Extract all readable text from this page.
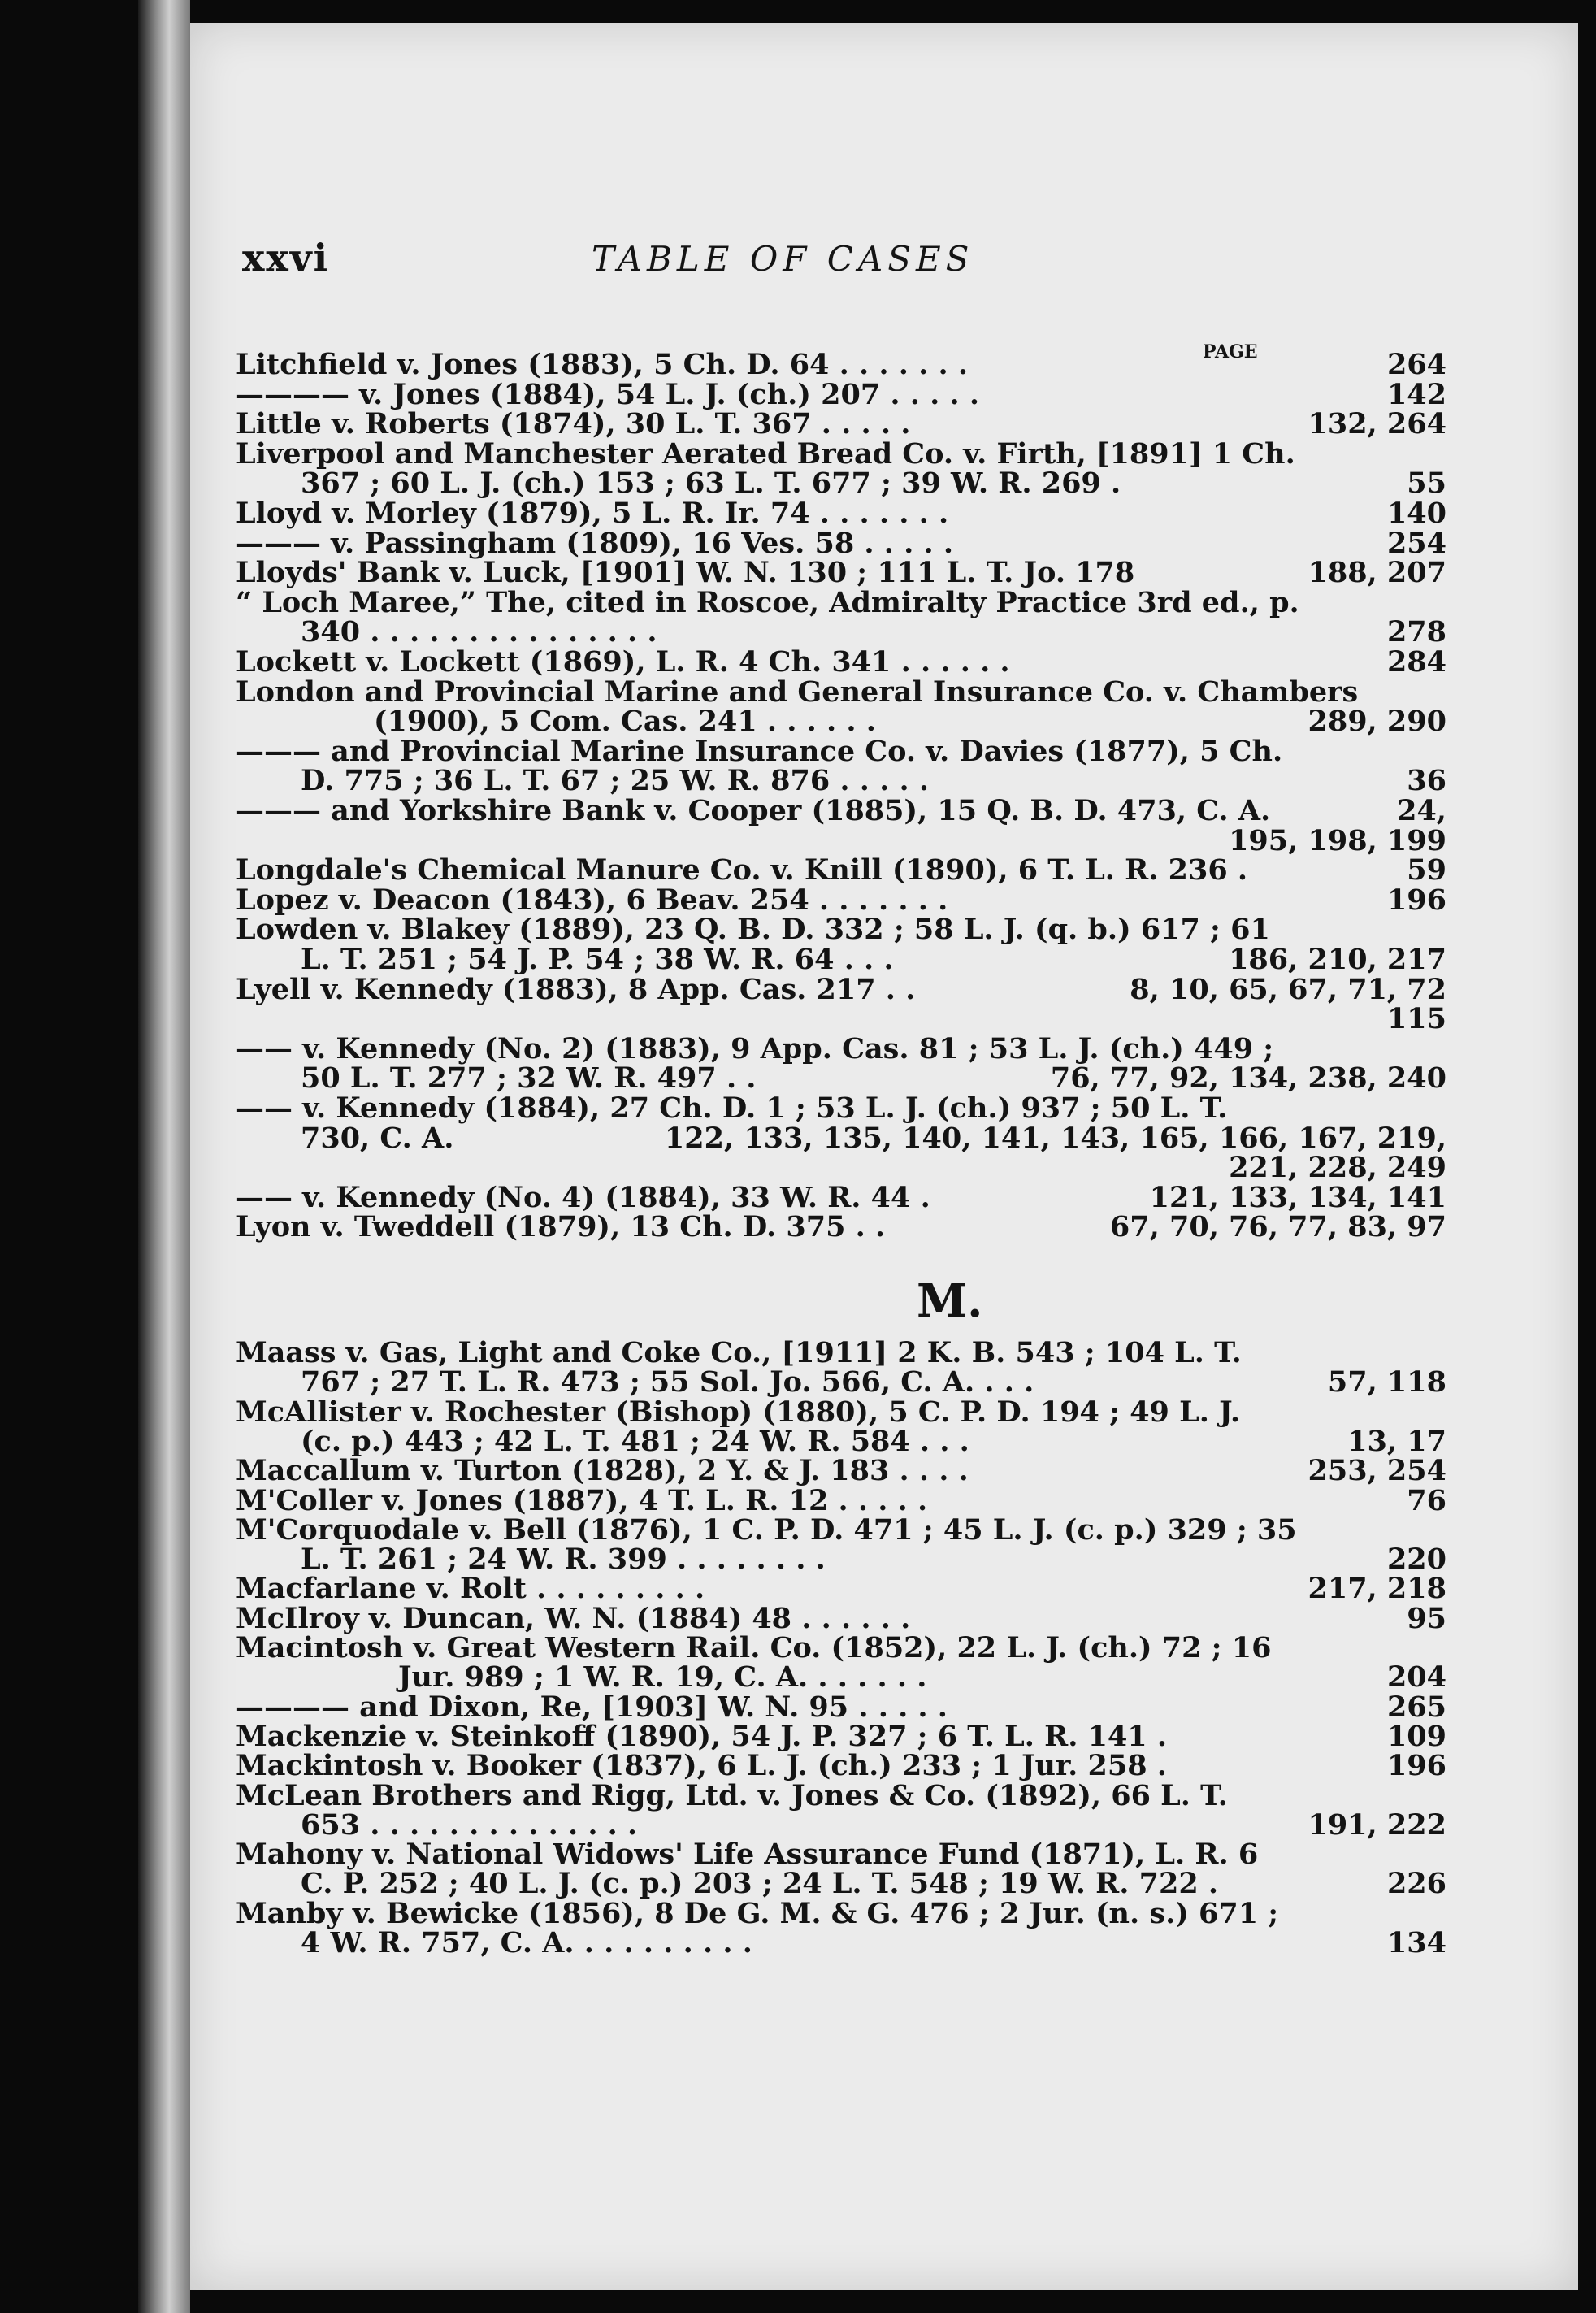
xxvi	TABLE OF CASES
PAGE
Litchfield v. Jones (1883), 5 Ch. D. 64 . . . . . . .	264
———— v. Jones (1884), 54 L. J. (ch.) 207 . . . . .	142
Little v. Roberts (1874), 30 L. T. 367 . . . . .	132, 264
Liverpool and Manchester Aerated Bread Co. v. Firth, [1891] 1 Ch.
367 ; 60 L. J. (ch.) 153 ; 63 L. T. 677 ; 39 W. R. 269 .	55
Lloyd v. Morley (1879), 5 L. R. Ir. 74 . . . . . . .	140
——— v. Passingham (1809), 16 Ves. 58 . . . . .	254
Lloyds' Bank v. Luck, [1901] W. N. 130 ; 111 L. T. Jo. 178	188, 207
“ Loch Maree,” The, cited in Roscoe, Admiralty Practice 3rd ed., p.
340 . . . . . . . . . . . . . . .	278
Lockett v. Lockett (1869), L. R. 4 Ch. 341 . . . . . .	284
London and Provincial Marine and General Insurance Co. v. Chambers
(1900), 5 Com. Cas. 241 . . . . . .	289, 290
——— and Provincial Marine Insurance Co. v. Davies (1877), 5 Ch.
D. 775 ; 36 L. T. 67 ; 25 W. R. 876 . . . . .	36
——— and Yorkshire Bank v. Cooper (1885), 15 Q. B. D. 473, C. A.	24,
195, 198, 199
Longdale's Chemical Manure Co. v. Knill (1890), 6 T. L. R. 236 .	59
Lopez v. Deacon (1843), 6 Beav. 254 . . . . . . .	196
Lowden v. Blakey (1889), 23 Q. B. D. 332 ; 58 L. J. (q. b.) 617 ; 61
L. T. 251 ; 54 J. P. 54 ; 38 W. R. 64 . . .	186, 210, 217
Lyell v. Kennedy (1883), 8 App. Cas. 217 . .	8, 10, 65, 67, 71, 72
115
—— v. Kennedy (No. 2) (1883), 9 App. Cas. 81 ; 53 L. J. (ch.) 449 ;
50 L. T. 277 ; 32 W. R. 497 . .	76, 77, 92, 134, 238, 240
—— v. Kennedy (1884), 27 Ch. D. 1 ; 53 L. J. (ch.) 937 ; 50 L. T.
730, C. A.	122, 133, 135, 140, 141, 143, 165, 166, 167, 219,
221, 228, 249
—— v. Kennedy (No. 4) (1884), 33 W. R. 44 .	121, 133, 134, 141
Lyon v. Tweddell (1879), 13 Ch. D. 375 . .	67, 70, 76, 77, 83, 97
M.
Maass v. Gas, Light and Coke Co., [1911] 2 K. B. 543 ; 104 L. T.
767 ; 27 T. L. R. 473 ; 55 Sol. Jo. 566, C. A. . . .	57, 118
McAllister v. Rochester (Bishop) (1880), 5 C. P. D. 194 ; 49 L. J.
(c. p.) 443 ; 42 L. T. 481 ; 24 W. R. 584 . . .	13, 17
Maccallum v. Turton (1828), 2 Y. & J. 183 . . . .	253, 254
M'Coller v. Jones (1887), 4 T. L. R. 12 . . . . .	76
M'Corquodale v. Bell (1876), 1 C. P. D. 471 ; 45 L. J. (c. p.) 329 ; 35
L. T. 261 ; 24 W. R. 399 . . . . . . . .	220
Macfarlane v. Rolt . . . . . . . . .	217, 218
McIlroy v. Duncan, W. N. (1884) 48 . . . . . .	95
Macintosh v. Great Western Rail. Co. (1852), 22 L. J. (ch.) 72 ; 16
Jur. 989 ; 1 W. R. 19, C. A. . . . . . .	204
———— and Dixon, Re, [1903] W. N. 95 . . . . .	265
Mackenzie v. Steinkoff (1890), 54 J. P. 327 ; 6 T. L. R. 141 .	109
Mackintosh v. Booker (1837), 6 L. J. (ch.) 233 ; 1 Jur. 258 .	196
McLean Brothers and Rigg, Ltd. v. Jones & Co. (1892), 66 L. T.
653 . . . . . . . . . . . . . .	191, 222
Mahony v. National Widows' Life Assurance Fund (1871), L. R. 6
C. P. 252 ; 40 L. J. (c. p.) 203 ; 24 L. T. 548 ; 19 W. R. 722 .	226
Manby v. Bewicke (1856), 8 De G. M. & G. 476 ; 2 Jur. (n. s.) 671 ;
4 W. R. 757, C. A. . . . . . . . . .	134
